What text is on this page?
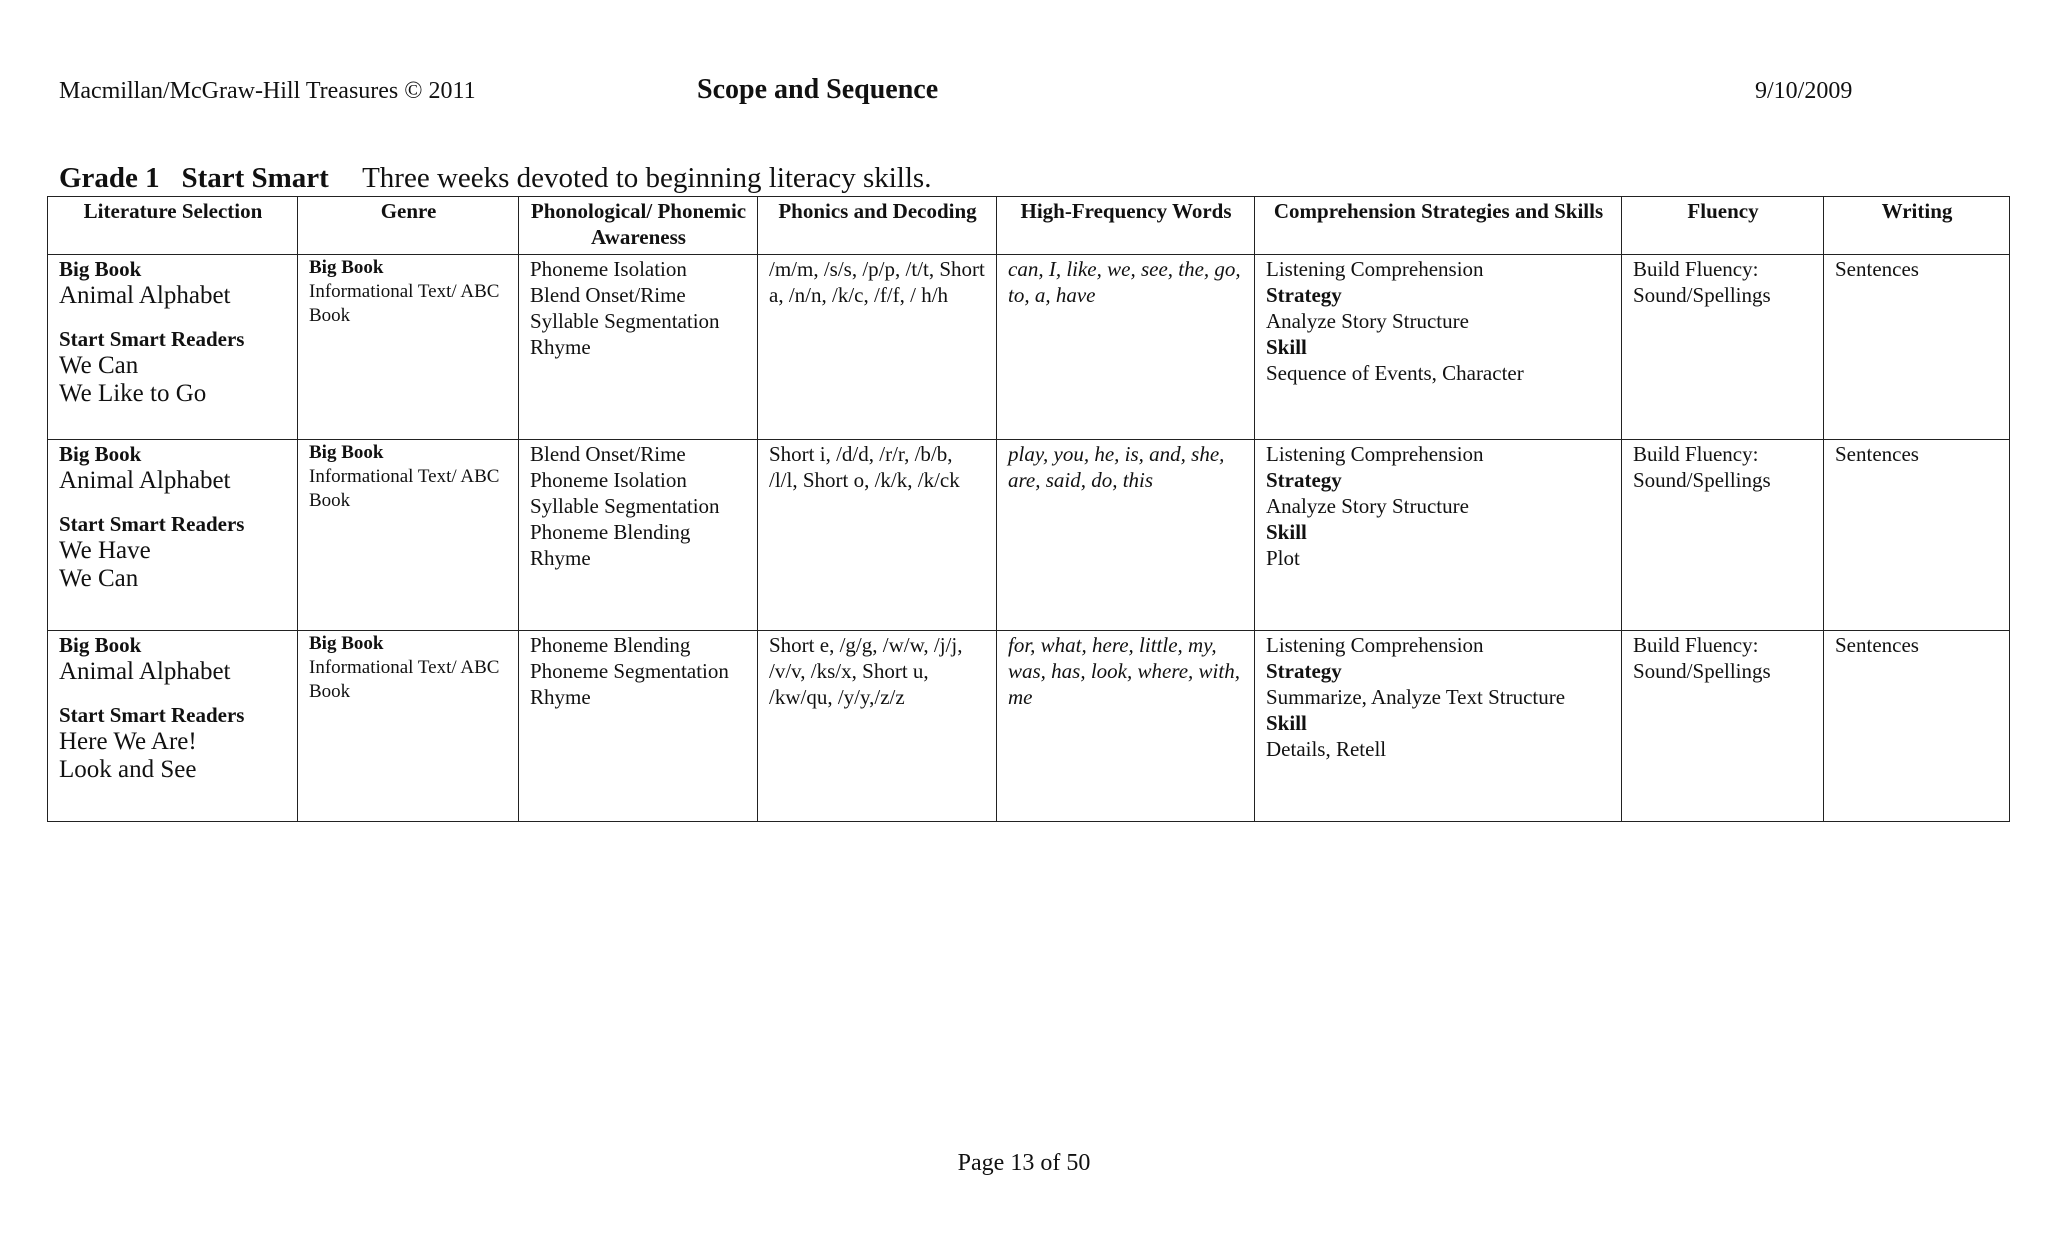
Macmillan/McGraw-Hill Treasures © 2011	Scope and Sequence	9/10/2009
Grade 1 Start Smart Three weeks devoted to beginning literacy skills.
Literature Selection	Genre	Phonological/ Phonemic Awareness	Phonics and Decoding	High-Frequency Words	Comprehension Strategies and Skills	Fluency	Writing

Big Book
Animal Alphabet
Start Smart Readers
We Can
We Like to Go	Big Book
Informational Text/ ABC Book	Phoneme Isolation
Blend Onset/Rime
Syllable Segmentation
Rhyme	/m/m, /s/s, /p/p, /t/t, Short a, /n/n, /k/c, /f/f, / h/h	can, I, like, we, see, the, go, to, a, have	Listening Comprehension
Strategy
Analyze Story Structure
Skill
Sequence of Events, Character	Build Fluency:
Sound/Spellings	Sentences

Big Book
Animal Alphabet
Start Smart Readers
We Have
We Can	Big Book
Informational Text/ ABC Book	Blend Onset/Rime
Phoneme Isolation
Syllable Segmentation
Phoneme Blending
Rhyme	Short i, /d/d, /r/r, /b/b, /l/l, Short o, /k/k, /k/ck	play, you, he, is, and, she, are, said, do, this	Listening Comprehension
Strategy
Analyze Story Structure
Skill
Plot	Build Fluency:
Sound/Spellings	Sentences

Big Book
Animal Alphabet
Start Smart Readers
Here We Are!
Look and See	Big Book
Informational Text/ ABC Book	Phoneme Blending
Phoneme Segmentation
Rhyme	Short e, /g/g, /w/w, /j/j, /v/v, /ks/x, Short u, /kw/qu, /y/y,/z/z	for, what, here, little, my, was, has, look, where, with, me	Listening Comprehension
Strategy
Summarize, Analyze Text Structure
Skill
Details, Retell	Build Fluency:
Sound/Spellings	Sentences
Page 13 of 50
